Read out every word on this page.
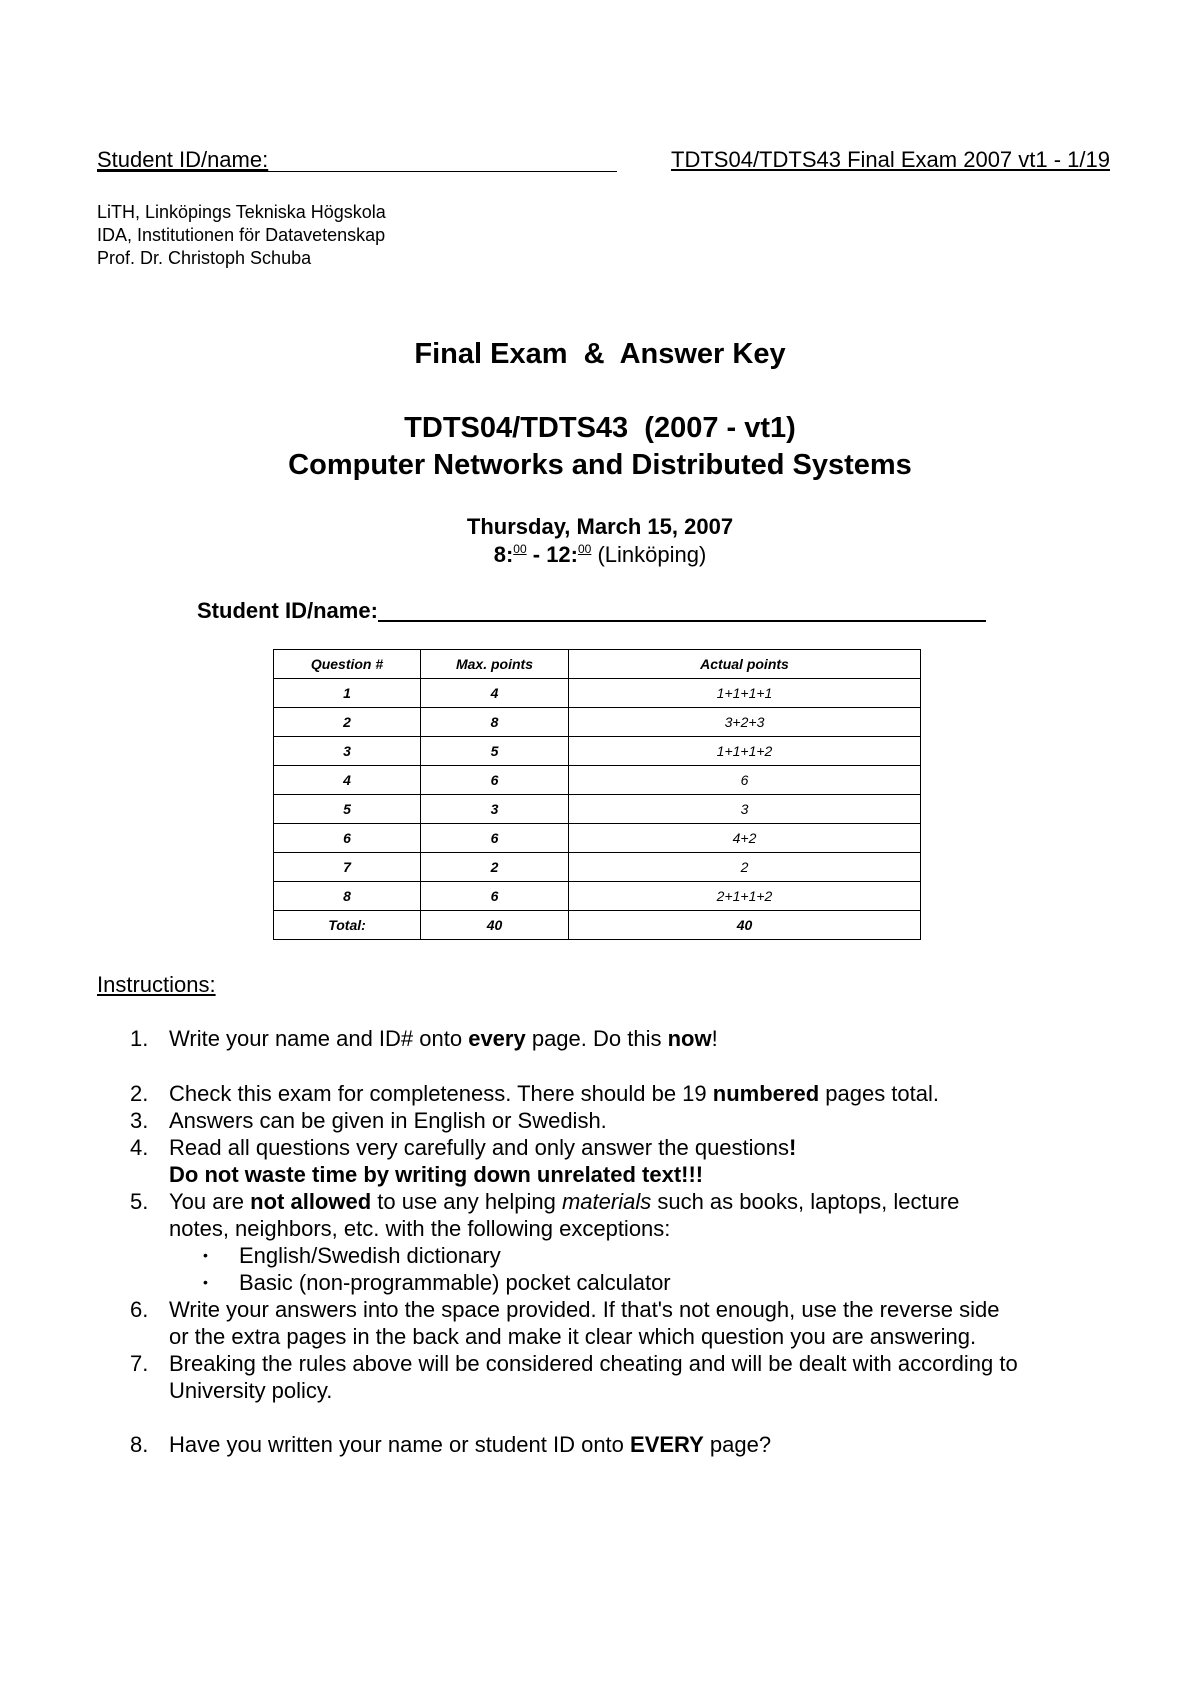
Student ID/name:	TDTS04/TDTS43 Final Exam 2007 vt1 - 1/19
LiTH, Linköpings Tekniska Högskola
IDA, Institutionen för Datavetenskap
Prof. Dr. Christoph Schuba
Final Exam  &  Answer Key
TDTS04/TDTS43  (2007 - vt1)
Computer Networks and Distributed Systems
Thursday, March 15, 2007
8:$^{00}$ - 12:$^{00}$ (Linköping)
Student ID/name:
Question #	Max. points	Actual points
1	4	1+1+1+1
2	8	3+2+3
3	5	1+1+1+2
4	6	6
5	3	3
6	6	4+2
7	2	2
8	6	2+1+1+2
Total:	40	40
Instructions:
1. Write your name and ID# onto every page. Do this now!
2. Check this exam for completeness. There should be 19 numbered pages total.
3. Answers can be given in English or Swedish.
4. Read all questions very carefully and only answer the questions!
Do not waste time by writing down unrelated text!!!
5. You are not allowed to use any helping materials such as books, laptops, lecture
notes, neighbors, etc. with the following exceptions:
• English/Swedish dictionary
• Basic (non-programmable) pocket calculator
6. Write your answers into the space provided. If that's not enough, use the reverse side
or the extra pages in the back and make it clear which question you are answering.
7. Breaking the rules above will be considered cheating and will be dealt with according to
University policy.
8. Have you written your name or student ID onto EVERY page?
